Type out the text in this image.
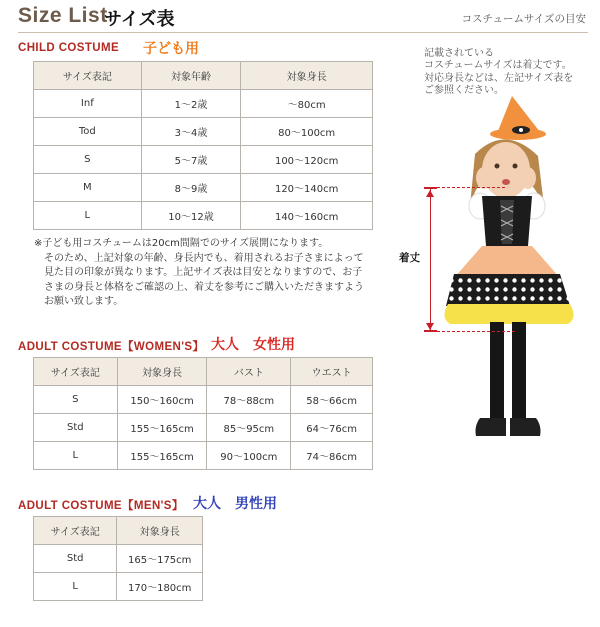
Size List
サイズ表	コスチュームサイズの目安
CHILD COSTUME 子ども用
サイズ表記	対象年齢	対象身長
Inf	1～2歳	～80cm
Tod	3～4歳	80～100cm
S	5～7歳	100～120cm
M	8～9歳	120～140cm
L	10～12歳	140～160cm
※子ども用コスチュームは20cm間隔でのサイズ展開になります。
そのため、上記対象の年齢、身長内でも、着用されるお子さまによって見た目の印象が異なります。上記サイズ表は目安となりますので、お子さまの身長と体格をご確認の上、着丈を参考にご購入いただきますようお願い致します。
ADULT COSTUME【WOMEN'S】 大人　女性用
サイズ表記	対象身長	バスト	ウエスト
S	150～160cm	78～88cm	58～66cm
Std	155～165cm	85～95cm	64～76cm
L	155～165cm	90～100cm	74～86cm
ADULT COSTUME【MEN'S】 大人　男性用
サイズ表記	対象身長
Std	165～175cm
L	170～180cm
記載されている
コスチュームサイズは着丈です。
対応身長などは、左記サイズ表を
ご参照ください。
着丈
